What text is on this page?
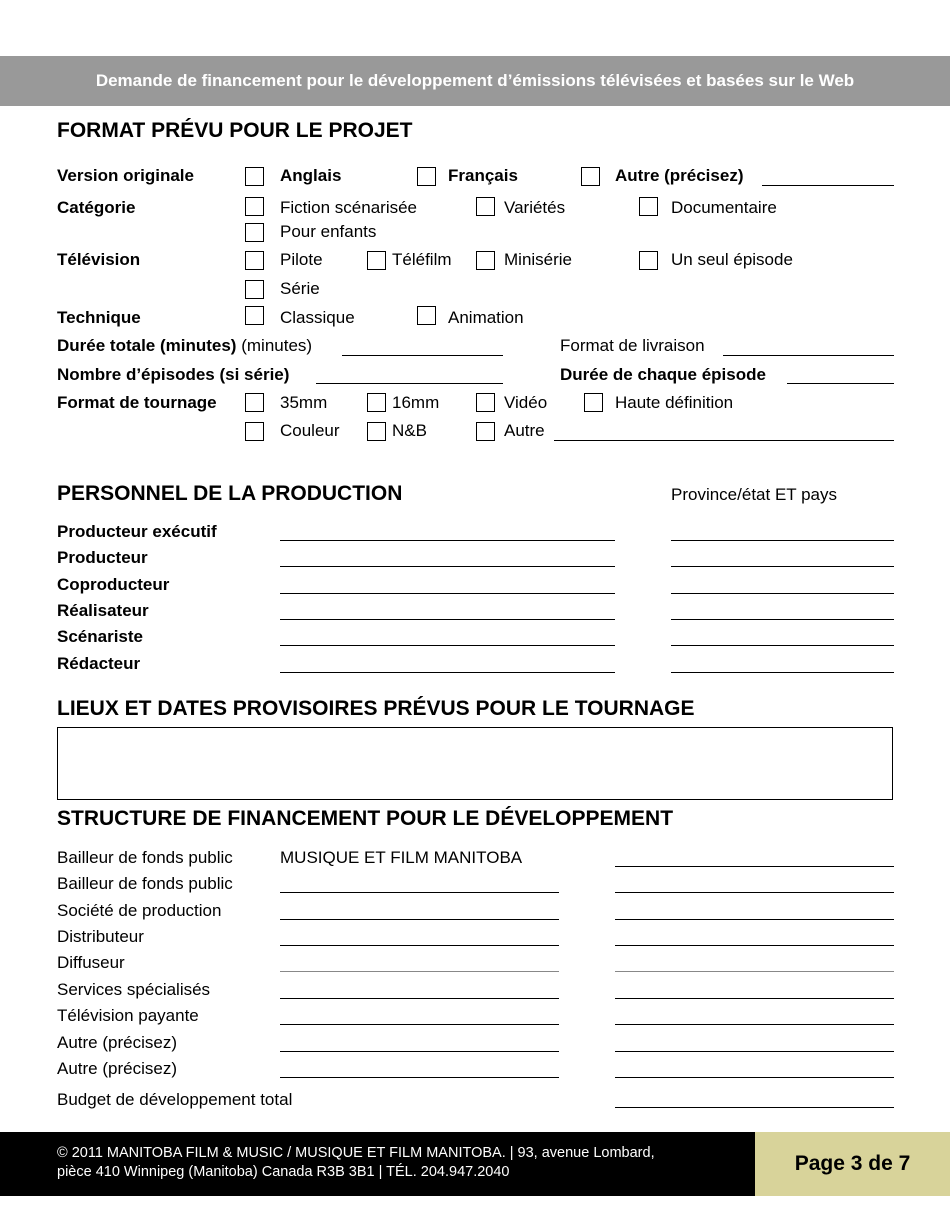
Demande de financement pour le développement d’émissions télévisées et basées sur le Web
FORMAT PRÉVU POUR LE PROJET
Version originale	Anglais	Français	Autre (précisez)
Catégorie	Fiction scénarisée	Variétés	Documentaire
Pour enfants
Télévision	Pilote	Téléfilm	Minisérie	Un seul épisode
Série
Technique	Classique	Animation
Durée totale (minutes) (minutes)	Format de livraison
Nombre d’épisodes (si série)	Durée de chaque épisode
Format de tournage	35mm	16mm	Vidéo	Haute définition
Couleur	N&B	Autre
PERSONNEL DE LA PRODUCTION	Province/état ET pays
Producteur exécutif
Producteur
Coproducteur
Réalisateur
Scénariste
Rédacteur
LIEUX ET DATES PROVISOIRES PRÉVUS POUR LE TOURNAGE
STRUCTURE DE FINANCEMENT POUR LE DÉVELOPPEMENT
Bailleur de fonds public	MUSIQUE ET FILM MANITOBA
Bailleur de fonds public
Société de production
Distributeur
Diffuseur
Services spécialisés
Télévision payante
Autre (précisez)
Autre (précisez)
Budget de développement total
© 2011 MANITOBA FILM & MUSIC / MUSIQUE ET FILM MANITOBA. | 93, avenue Lombard,
pièce 410 Winnipeg (Manitoba) Canada R3B 3B1 | TÉL. 204.947.2040	Page 3 de 7
